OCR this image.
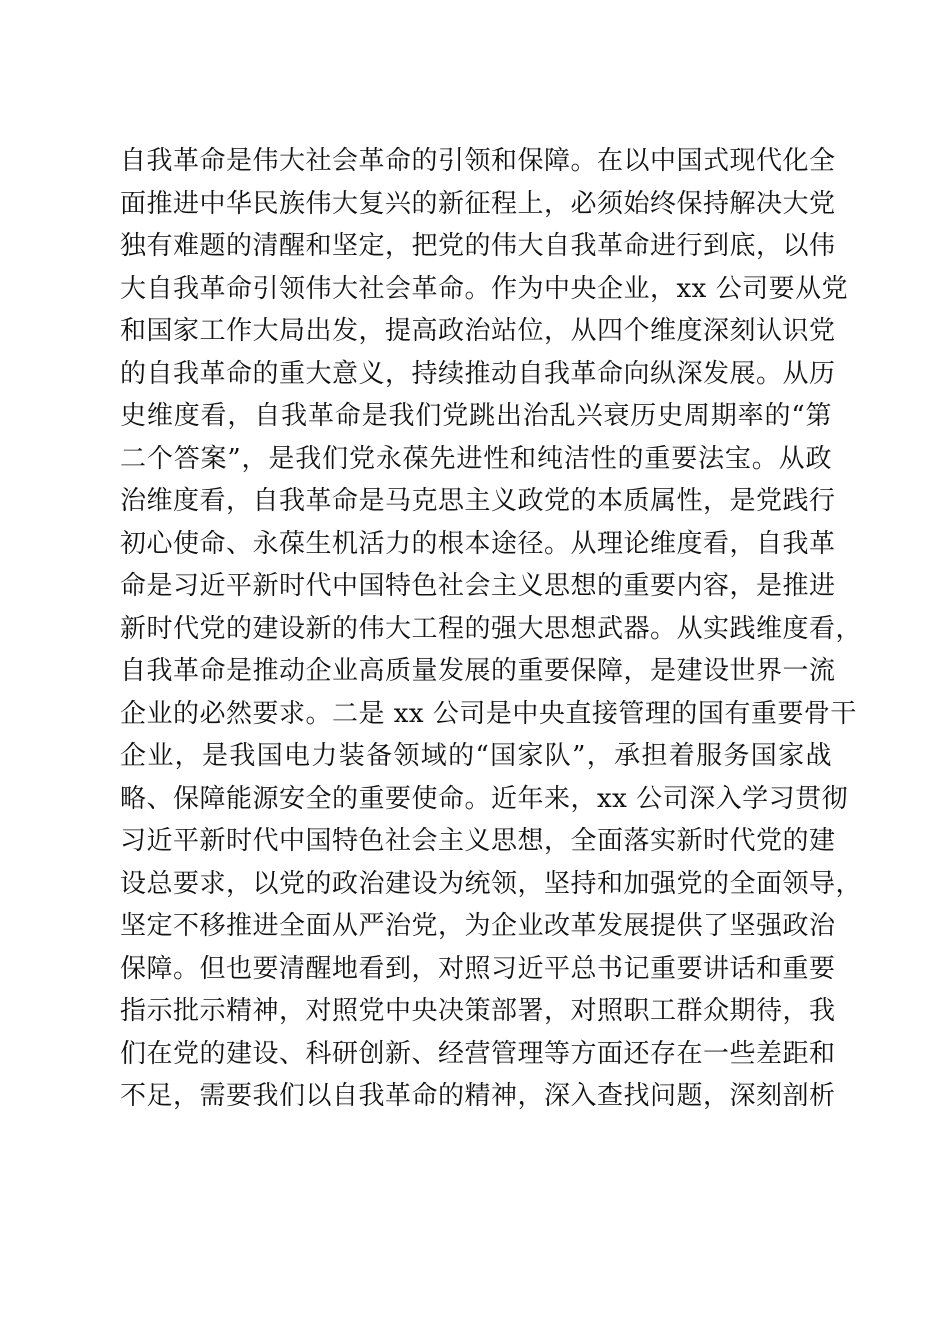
自我革命是伟大社会革命的引领和保障。在以中国式现代化全
面推进中华民族伟大复兴的新征程上，必须始终保持解决大党
独有难题的清醒和坚定，把党的伟大自我革命进行到底，以伟
大自我革命引领伟大社会革命。作为中央企业，xx 公司要从党
和国家工作大局出发，提高政治站位，从四个维度深刻认识党
的自我革命的重大意义，持续推动自我革命向纵深发展。从历
史维度看，自我革命是我们党跳出治乱兴衰历史周期率的“第
二个答案”，是我们党永葆先进性和纯洁性的重要法宝。从政
治维度看，自我革命是马克思主义政党的本质属性，是党践行
初心使命、永葆生机活力的根本途径。从理论维度看，自我革
命是习近平新时代中国特色社会主义思想的重要内容，是推进
新时代党的建设新的伟大工程的强大思想武器。从实践维度看，
自我革命是推动企业高质量发展的重要保障，是建设世界一流
企业的必然要求。二是 xx 公司是中央直接管理的国有重要骨干
企业，是我国电力装备领域的“国家队”，承担着服务国家战
略、保障能源安全的重要使命。近年来，xx 公司深入学习贯彻
习近平新时代中国特色社会主义思想，全面落实新时代党的建
设总要求，以党的政治建设为统领，坚持和加强党的全面领导，
坚定不移推进全面从严治党，为企业改革发展提供了坚强政治
保障。但也要清醒地看到，对照习近平总书记重要讲话和重要
指示批示精神，对照党中央决策部署，对照职工群众期待，我
们在党的建设、科研创新、经营管理等方面还存在一些差距和
不足，需要我们以自我革命的精神，深入查找问题，深刻剖析
